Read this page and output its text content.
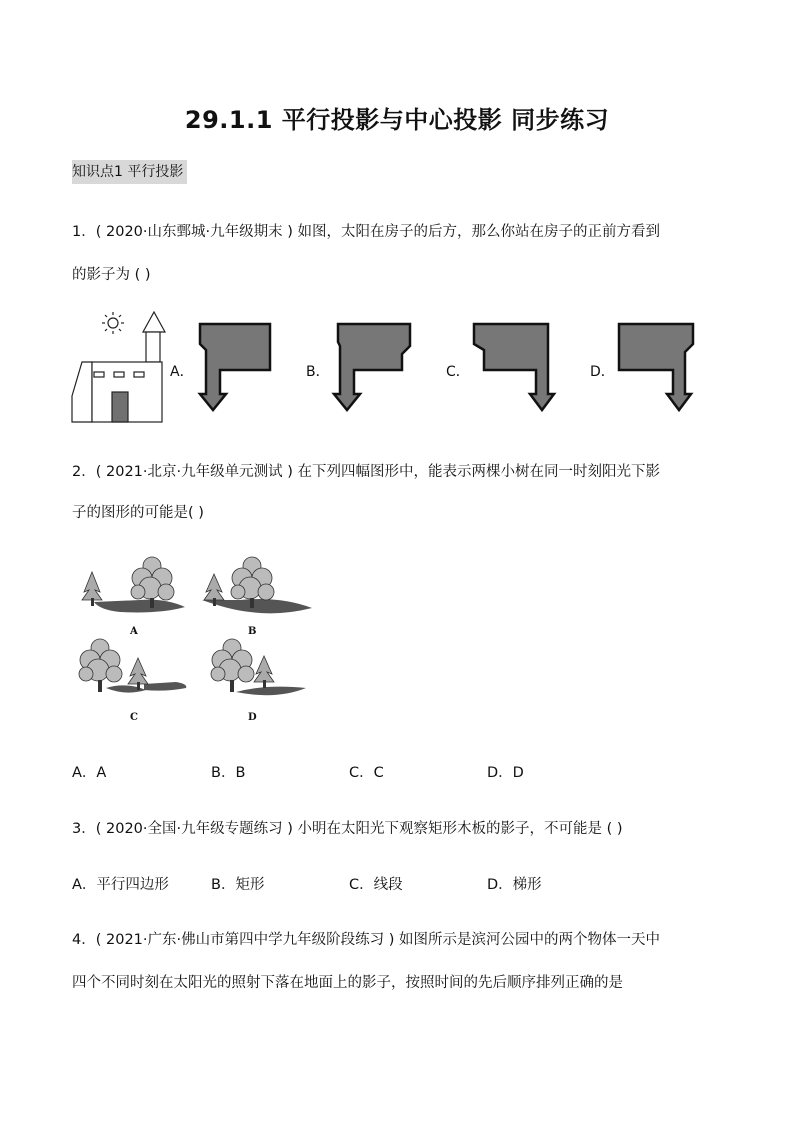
29.1.1 平行投影与中心投影 同步练习
知识点1 平行投影
1．( 2020·山东鄄城·九年级期末 ) 如图，太阳在房子的后方，那么你站在房子的正前方看到
的影子为 ( )
A．	B．	C．	D．
2．( 2021·北京·九年级单元测试 ) 在下列四幅图形中，能表示两棵小树在同一时刻阳光下影
子的图形的可能是( )
A	B
C	D
A．A	B．B	C．C	D．D
3．( 2020·全国·九年级专题练习 ) 小明在太阳光下观察矩形木板的影子，不可能是 ( )
A．平行四边形	B．矩形	C．线段	D．梯形
4．( 2021·广东·佛山市第四中学九年级阶段练习 ) 如图所示是滨河公园中的两个物体一天中
四个不同时刻在太阳光的照射下落在地面上的影子，按照时间的先后顺序排列正确的是
